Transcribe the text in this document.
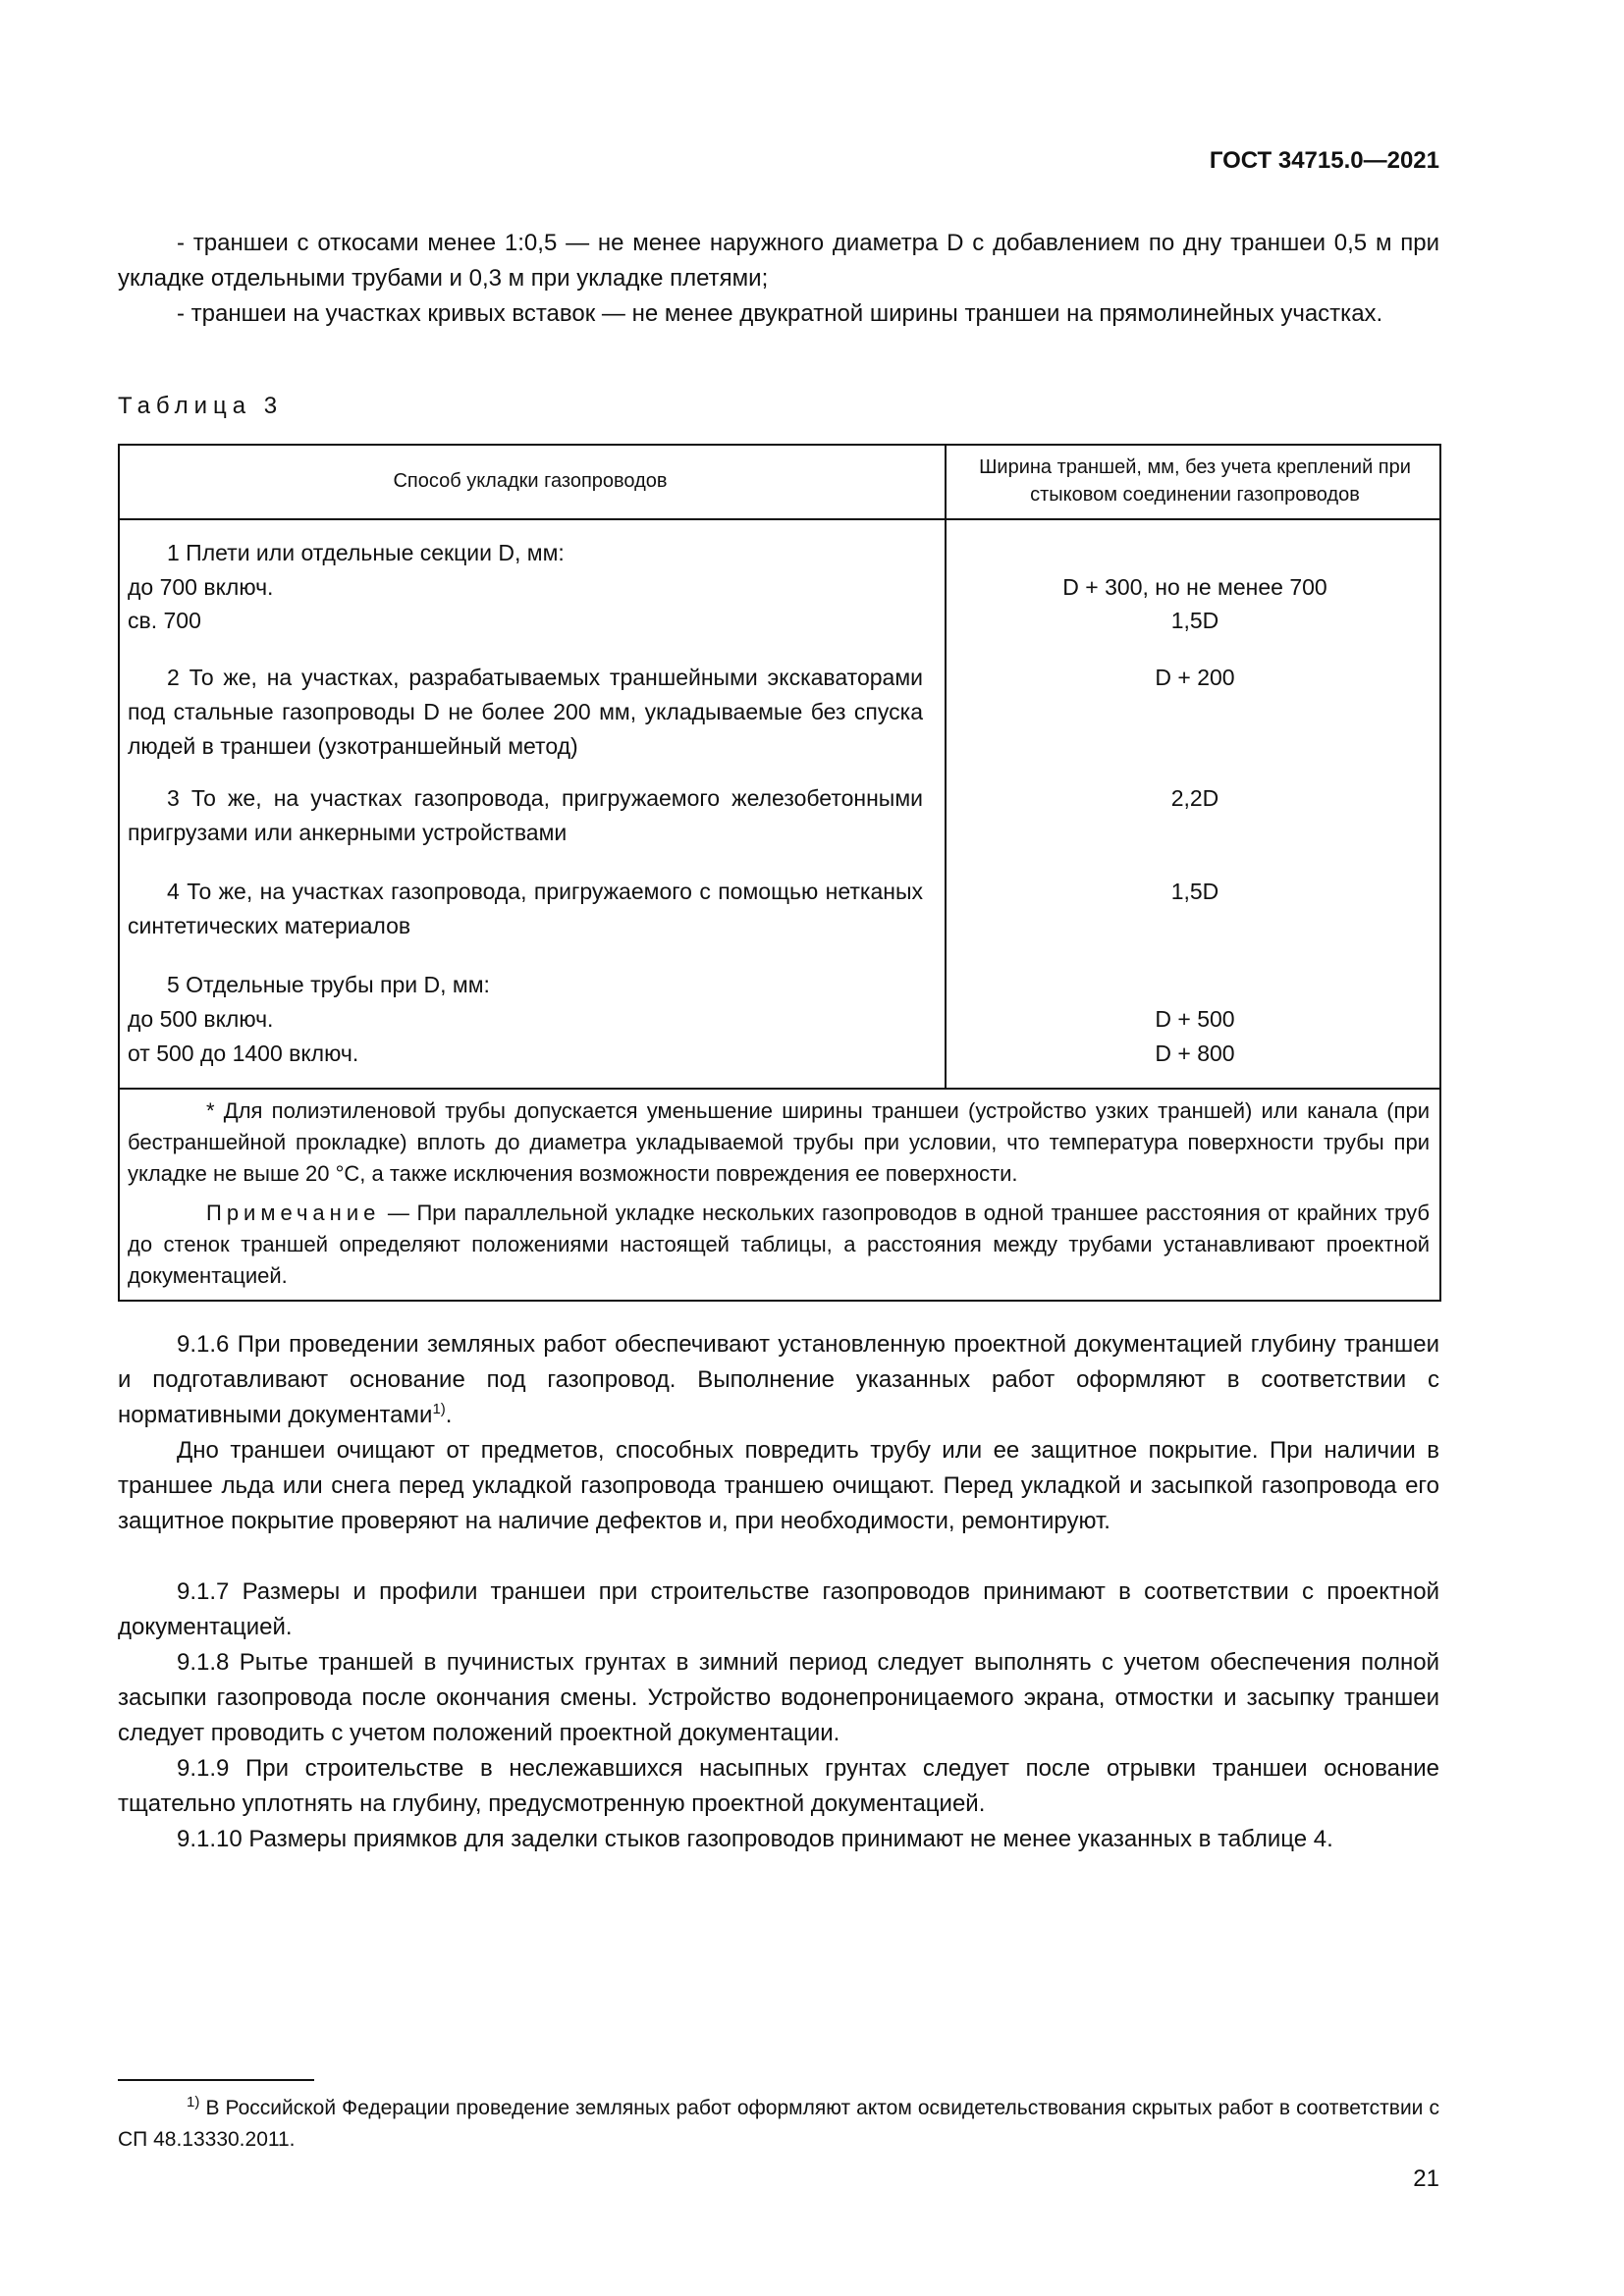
ГОСТ 34715.0—2021
- траншеи с откосами менее 1:0,5 — не менее наружного диаметра D с добавлением по дну траншеи 0,5 м при укладке отдельными трубами и 0,3 м при укладке плетями;
- траншеи на участках кривых вставок — не менее двукратной ширины траншеи на прямолинейных участках.
Таблица 3
Способ укладки газопроводов
Ширина траншей, мм, без учета креплений при стыковом соединении газопроводов
1 Плети или отдельные секции D, мм:
до 700 включ.
св. 700
D + 300, но не менее 700
1,5D
2 То же, на участках, разрабатываемых траншейными экскаваторами под стальные газопроводы D не более 200 мм, укладываемые без спуска людей в траншеи (узкотраншейный метод)
D + 200
3 То же, на участках газопровода, пригружаемого железобетонными пригрузами или анкерными устройствами
2,2D
4 То же, на участках газопровода, пригружаемого с помощью нетканых синтетических материалов
1,5D
5 Отдельные трубы при D, мм:
до 500 включ.
от 500 до 1400 включ.
D + 500
D + 800
* Для полиэтиленовой трубы допускается уменьшение ширины траншеи (устройство узких траншей) или канала (при бестраншейной прокладке) вплоть до диаметра укладываемой трубы при условии, что температура поверхности трубы при укладке не выше 20 °С, а также исключения возможности повреждения ее поверхности.
Примечание — При параллельной укладке нескольких газопроводов в одной траншее расстояния от крайних труб до стенок траншей определяют положениями настоящей таблицы, а расстояния между трубами устанавливают проектной документацией.
9.1.6 При проведении земляных работ обеспечивают установленную проектной документацией глубину траншеи и подготавливают основание под газопровод. Выполнение указанных работ оформляют в соответствии с нормативными документами$^{1)}$.
Дно траншеи очищают от предметов, способных повредить трубу или ее защитное покрытие. При наличии в траншее льда или снега перед укладкой газопровода траншею очищают. Перед укладкой и засыпкой газопровода его защитное покрытие проверяют на наличие дефектов и, при необходимости, ремонтируют.
9.1.7 Размеры и профили траншеи при строительстве газопроводов принимают в соответствии с проектной документацией.
9.1.8 Рытье траншей в пучинистых грунтах в зимний период следует выполнять с учетом обеспечения полной засыпки газопровода после окончания смены. Устройство водонепроницаемого экрана, отмостки и засыпку траншеи следует проводить с учетом положений проектной документации.
9.1.9 При строительстве в неслежавшихся насыпных грунтах следует после отрывки траншеи основание тщательно уплотнять на глубину, предусмотренную проектной документацией.
9.1.10 Размеры приямков для заделки стыков газопроводов принимают не менее указанных в таблице 4.
$^{1)}$ В Российской Федерации проведение земляных работ оформляют актом освидетельствования скрытых работ в соответствии с СП 48.13330.2011.
21
